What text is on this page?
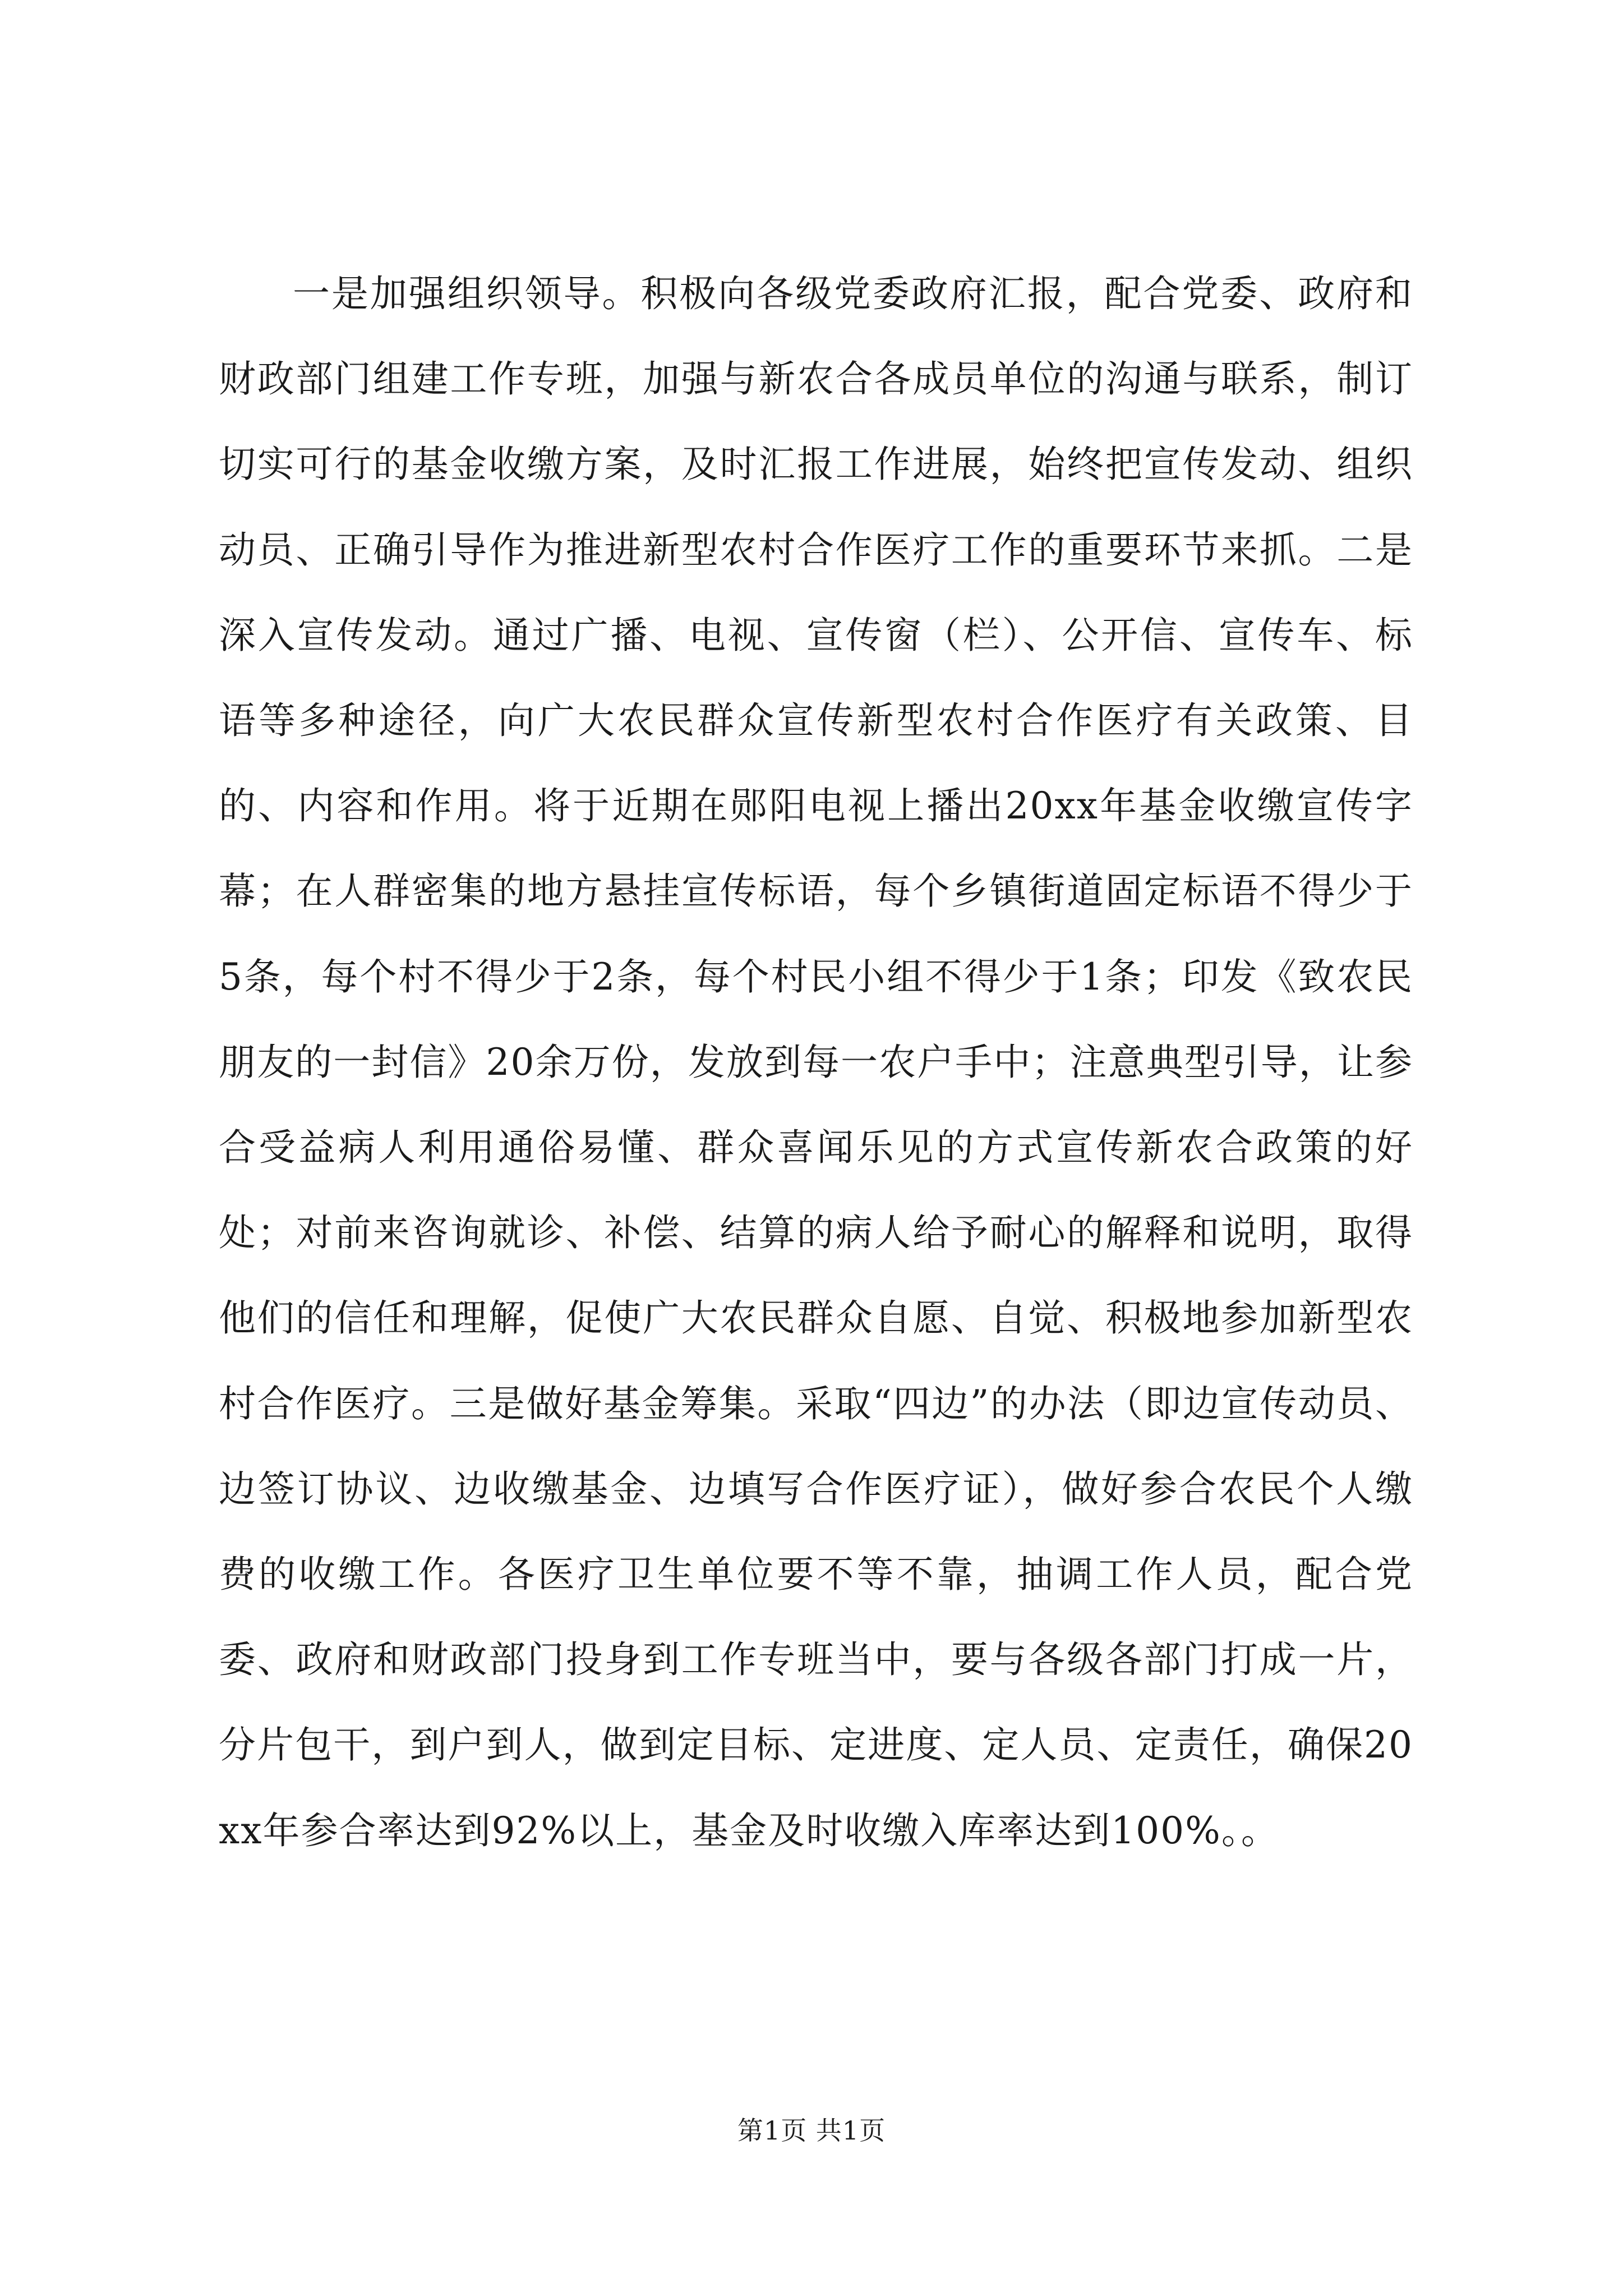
一是加强组织领导。积极向各级党委政府汇报，配合党委、政府和财政部门组建工作专班，加强与新农合各成员单位的沟通与联系，制订切实可行的基金收缴方案，及时汇报工作进展，始终把宣传发动、组织动员、正确引导作为推进新型农村合作医疗工作的重要环节来抓。二是深入宣传发动。通过广播、电视、宣传窗（栏）、公开信、宣传车、标语等多种途径，向广大农民群众宣传新型农村合作医疗有关政策、目的、内容和作用。将于近期在郧阳电视上播出20xx年基金收缴宣传字幕；在人群密集的地方悬挂宣传标语，每个乡镇街道固定标语不得少于5条，每个村不得少于2条，每个村民小组不得少于1条；印发《致农民朋友的一封信》20余万份，发放到每一农户手中；注意典型引导，让参合受益病人利用通俗易懂、群众喜闻乐见的方式宣传新农合政策的好处；对前来咨询就诊、补偿、结算的病人给予耐心的解释和说明，取得他们的信任和理解，促使广大农民群众自愿、自觉、积极地参加新型农村合作医疗。三是做好基金筹集。采取“四边”的办法（即边宣传动员、边签订协议、边收缴基金、边填写合作医疗证），做好参合农民个人缴费的收缴工作。各医疗卫生单位要不等不靠，抽调工作人员，配合党委、政府和财政部门投身到工作专班当中，要与各级各部门打成一片，分片包干，到户到人，做到定目标、定进度、定人员、定责任，确保20xx年参合率达到92%以上，基金及时收缴入库率达到100%。。

第1页 共1页
